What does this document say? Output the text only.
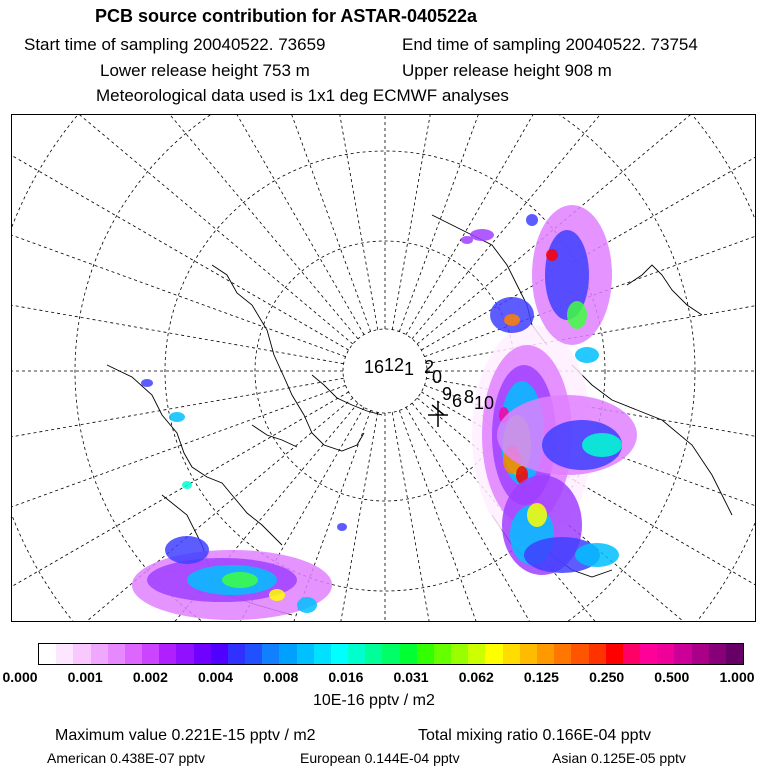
PCB source contribution for ASTAR-040522a
Start time of sampling 20040522. 73659	End time of sampling 20040522. 73754
Lower release height 753 m	Upper release height 908 m
Meteorological data used is 1x1 deg ECMWF analyses
16 12 1 2
0
9 6 8 10
0.000 0.001 0.002 0.004 0.008 0.016 0.031 0.062 0.125 0.250 0.500 1.000
10E-16 pptv / m2
Maximum value 0.221E-15 pptv / m2	Total mixing ratio 0.166E-04 pptv
American 0.438E-07 pptv	European 0.144E-04 pptv	Asian 0.125E-05 pptv
